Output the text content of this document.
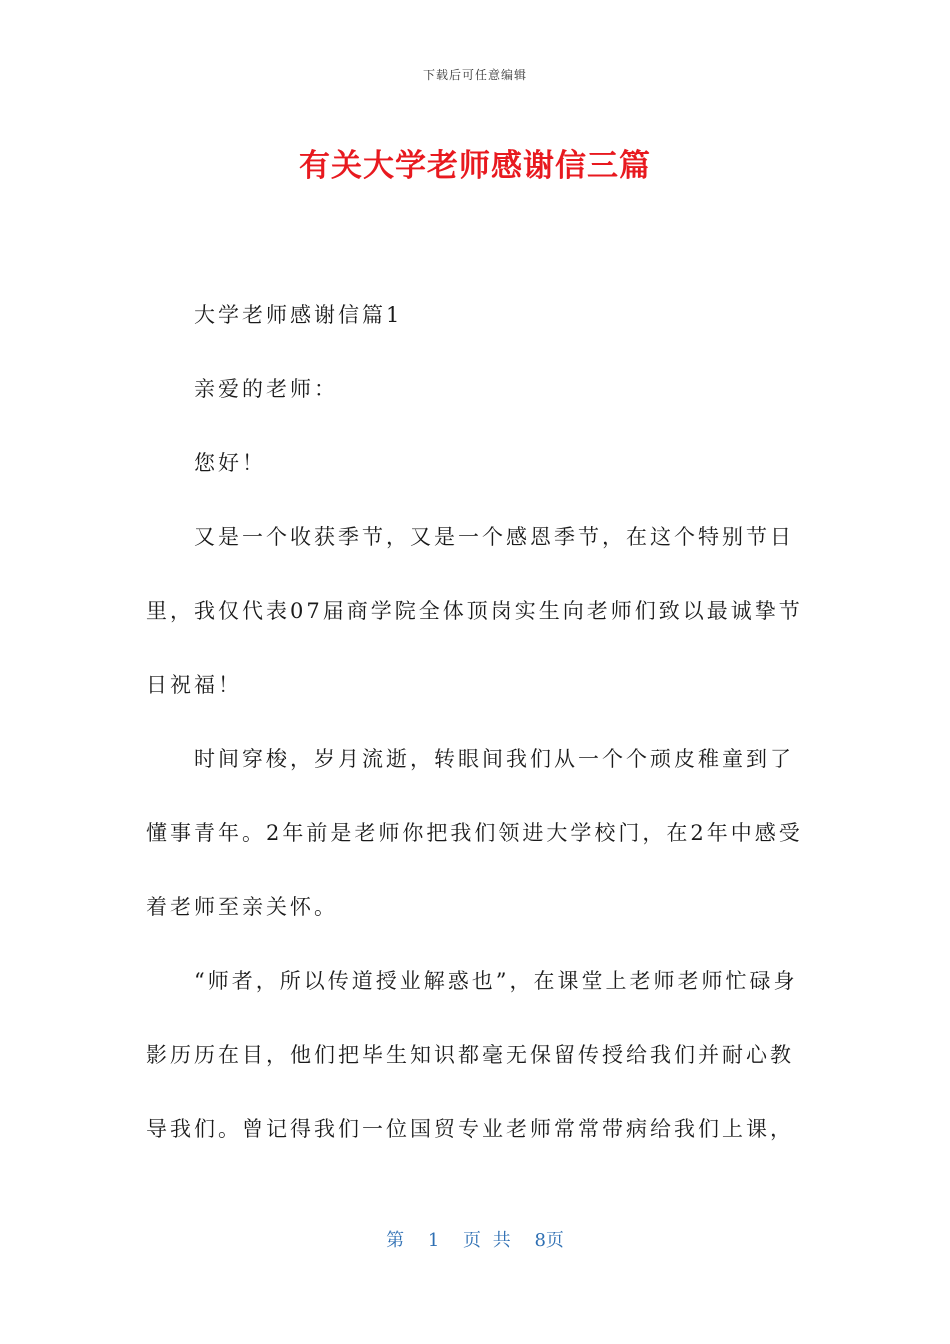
下载后可任意编辑
有关大学老师感谢信三篇

大学老师感谢信篇1

亲爱的老师：

您好！

又是一个收获季节，又是一个感恩季节，在这个特别节日里，我仅代表07届商学院全体顶岗实生向老师们致以最诚挚节日祝福！

时间穿梭，岁月流逝，转眼间我们从一个个顽皮稚童到了懂事青年。2年前是老师你把我们领进大学校门，在2年中感受着老师至亲关怀。

“师者，所以传道授业解惑也”，在课堂上老师老师忙碌身影历历在目，他们把毕生知识都毫无保留传授给我们并耐心教导我们。曾记得我们一位国贸专业老师常常带病给我们上课，

第 1 页 共 8页
